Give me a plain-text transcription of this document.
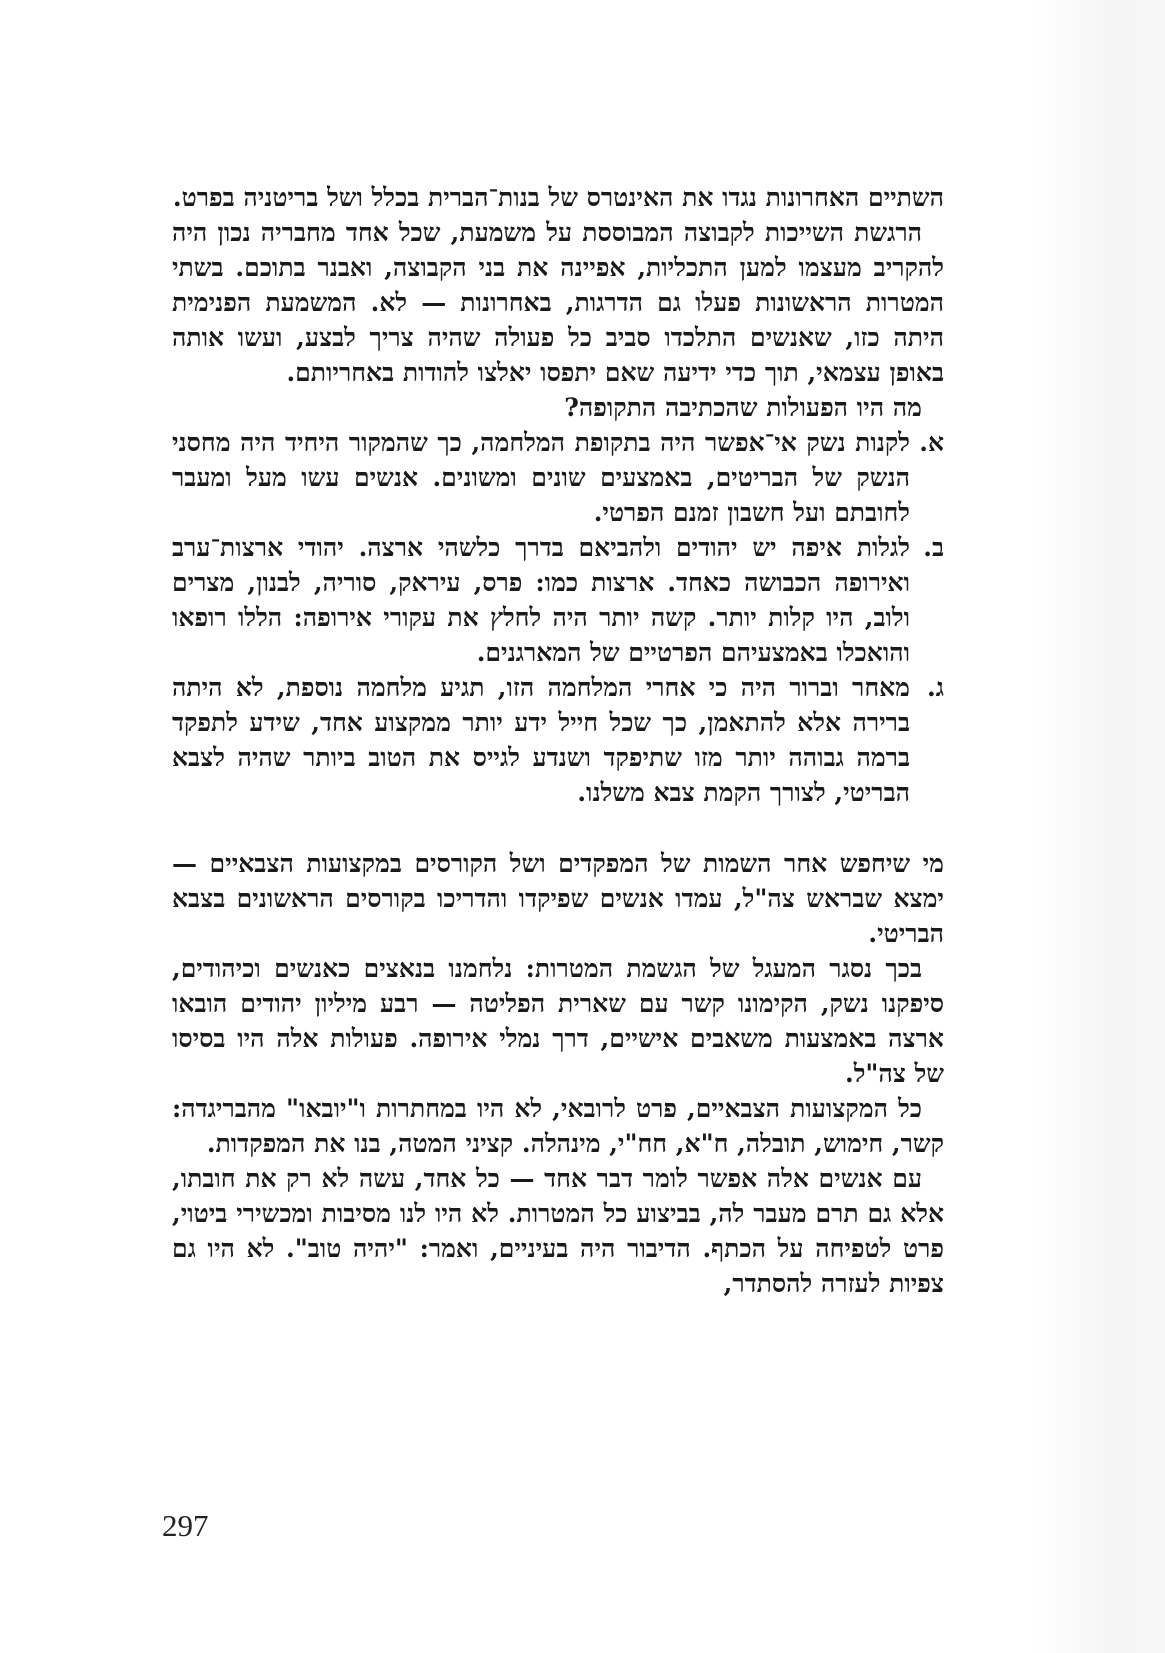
השתיים האחרונות נגדו את האינטרס של בנות־הברית בכלל ושל בריטניה בפרט.

הרגשת השייכות לקבוצה המבוססת על משמעת, שכל אחד מחבריה נכון היה להקריב מעצמו למען התכליות, אפיינה את בני הקבוצה, ואבנר בתוכם. בשתי המטרות הראשונות פעלו גם הדרגות, באחרונות — לא. המשמעת הפנימית היתה כזו, שאנשים התלכדו סביב כל פעולה שהיה צריך לבצע, ועשו אותה באופן עצמאי, תוך כדי ידיעה שאם יתפסו יאלצו להודות באחריותם.

מה היו הפעולות שהכתיבה התקופה?

א.
לקנות נשק אי־אפשר היה בתקופת המלחמה, כך שהמקור היחיד היה מחסני הנשק של הבריטים, באמצעים שונים ומשונים. אנשים עשו מעל ומעבר לחובתם ועל חשבון זמנם הפרטי.
ב.
לגלות איפה יש יהודים ולהביאם בדרך כלשהי ארצה. יהודי ארצות־ערב ואירופה הכבושה כאחד. ארצות כמו: פרס, עיראק, סוריה, לבנון, מצרים ולוב, היו קלות יותר. קשה יותר היה לחלץ את עקורי אירופה: הללו רופאו והואכלו באמצעיהם הפרטיים של המארגנים.
ג.
מאחר וברור היה כי אחרי המלחמה הזו, תגיע מלחמה נוספת, לא היתה ברירה אלא להתאמן, כך שכל חייל ידע יותר ממקצוע אחד, שידע לתפקד ברמה גבוהה יותר מזו שתיפקד ושנדע לגייס את הטוב ביותר שהיה לצבא הבריטי, לצורך הקמת צבא משלנו.

מי שיחפש אחר השמות של המפקדים ושל הקורסים במקצועות הצבאיים — ימצא שבראש צה"ל, עמדו אנשים שפיקדו והדריכו בקורסים הראשונים בצבא הבריטי.

בכך נסגר המעגל של הגשמת המטרות: נלחמנו בנאצים כאנשים וכיהודים, סיפקנו נשק, הקימונו קשר עם שארית הפליטה — רבע מיליון יהודים הובאו ארצה באמצעות משאבים אישיים, דרך נמלי אירופה. פעולות אלה היו בסיסו של צה"ל.

כל המקצועות הצבאיים, פרט לרובאי, לא היו במחתרות ו"יובאו" מהבריגדה: קשר, חימוש, תובלה, ח"א, חח"י, מינהלה. קציני המטה, בנו את המפקדות.

עם אנשים אלה אפשר לומר דבר אחד — כל אחד, עשה לא רק את חובתו, אלא גם תרם מעבר לה, בביצוע כל המטרות. לא היו לנו מסיבות ומכשירי ביטוי, פרט לטפיחה על הכתף. הדיבור היה בעיניים, ואמר: "יהיה טוב". לא היו גם צפיות לעזרה להסתדר,

297
